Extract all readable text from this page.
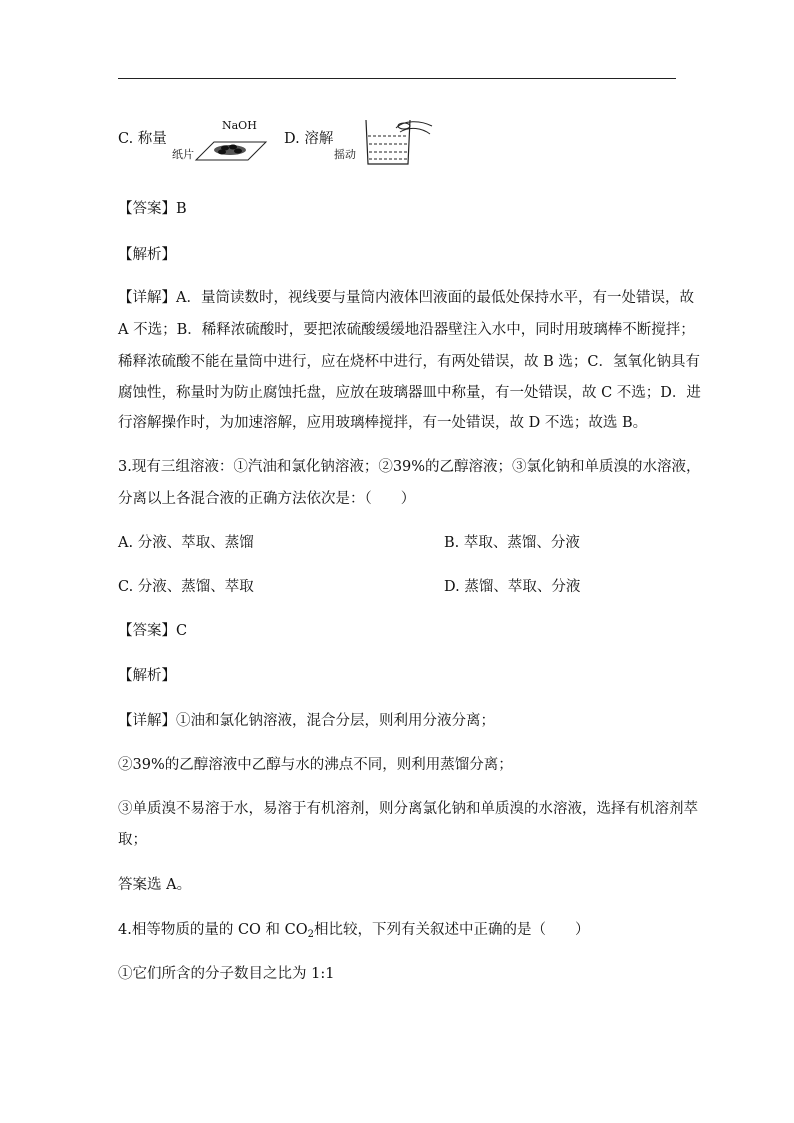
C. 称量
NaOH
纸片
D. 溶解
摇动
【答案】B
【解析】
【详解】A．量筒读数时，视线要与量筒内液体凹液面的最低处保持水平，有一处错误，故
A 不选；B．稀释浓硫酸时，要把浓硫酸缓缓地沿器壁注入水中，同时用玻璃棒不断搅拌；
稀释浓硫酸不能在量筒中进行，应在烧杯中进行，有两处错误，故 B 选；C．氢氧化钠具有
腐蚀性，称量时为防止腐蚀托盘，应放在玻璃器皿中称量，有一处错误，故 C 不选；D．进
行溶解操作时，为加速溶解，应用玻璃棒搅拌，有一处错误，故 D 不选；故选 B。
3.现有三组溶液：①汽油和氯化钠溶液；②39%的乙醇溶液；③氯化钠和单质溴的水溶液，
分离以上各混合液的正确方法依次是：（　　）
A. 分液、萃取、蒸馏	B. 萃取、蒸馏、分液
C. 分液、蒸馏、萃取	D. 蒸馏、萃取、分液
【答案】C
【解析】
【详解】①油和氯化钠溶液，混合分层，则利用分液分离；
②39%的乙醇溶液中乙醇与水的沸点不同，则利用蒸馏分离；
③单质溴不易溶于水，易溶于有机溶剂，则分离氯化钠和单质溴的水溶液，选择有机溶剂萃
取；
答案选 A。
4.相等物质的量的 CO 和 $CO_2$相比较，下列有关叙述中正确的是（　　）
①它们所含的分子数目之比为 1:1
